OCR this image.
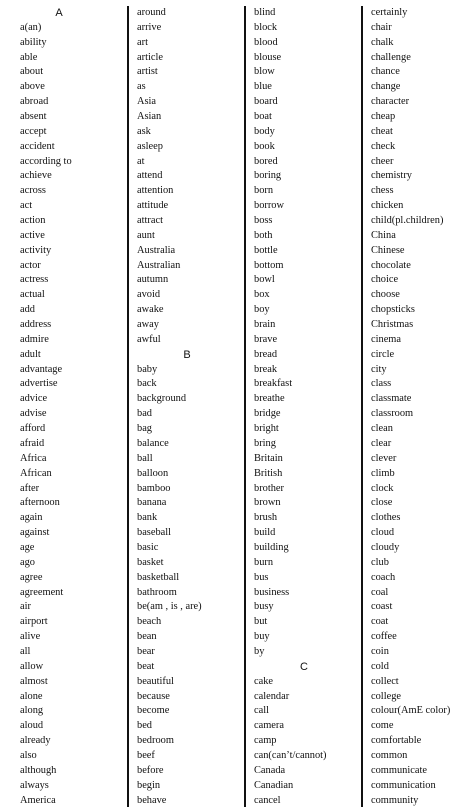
A
a(an)
ability
able
about
above
abroad
absent
accept
accident
according to
achieve
across
act
action
active
activity
actor
actress
actual
add
address
admire
adult
advantage
advertise
advice
advise
afford
afraid
Africa
African
after
afternoon
again
against
age
ago
agree
agreement
air
airport
alive
all
allow
almost
alone
along
aloud
already
also
although
always
America
around
arrive
art
article
artist
as
Asia
Asian
ask
asleep
at
attend
attention
attitude
attract
aunt
Australia
Australian
autumn
avoid
awake
away
awful
B
baby
back
background
bad
bag
balance
ball
balloon
bamboo
banana
bank
baseball
basic
basket
basketball
bathroom
be(am , is , are)
beach
bean
bear
beat
beautiful
because
become
bed
bedroom
beef
before
begin
behave
blind
block
blood
blouse
blow
blue
board
boat
body
book
bored
boring
born
borrow
boss
both
bottle
bottom
bowl
box
boy
brain
brave
bread
break
breakfast
breathe
bridge
bright
bring
Britain
British
brother
brown
brush
build
building
burn
bus
business
busy
but
buy
by
C
cake
calendar
call
camera
camp
can(can’t/cannot)
Canada
Canadian
cancel
certainly
chair
chalk
challenge
chance
change
character
cheap
cheat
check
cheer
chemistry
chess
chicken
child(pl.children)
China
Chinese
chocolate
choice
choose
chopsticks
Christmas
cinema
circle
city
class
classmate
classroom
clean
clear
clever
climb
clock
close
clothes
cloud
cloudy
club
coach
coal
coast
coat
coffee
coin
cold
collect
college
colour(AmE color)
come
comfortable
common
communicate
communication
community
